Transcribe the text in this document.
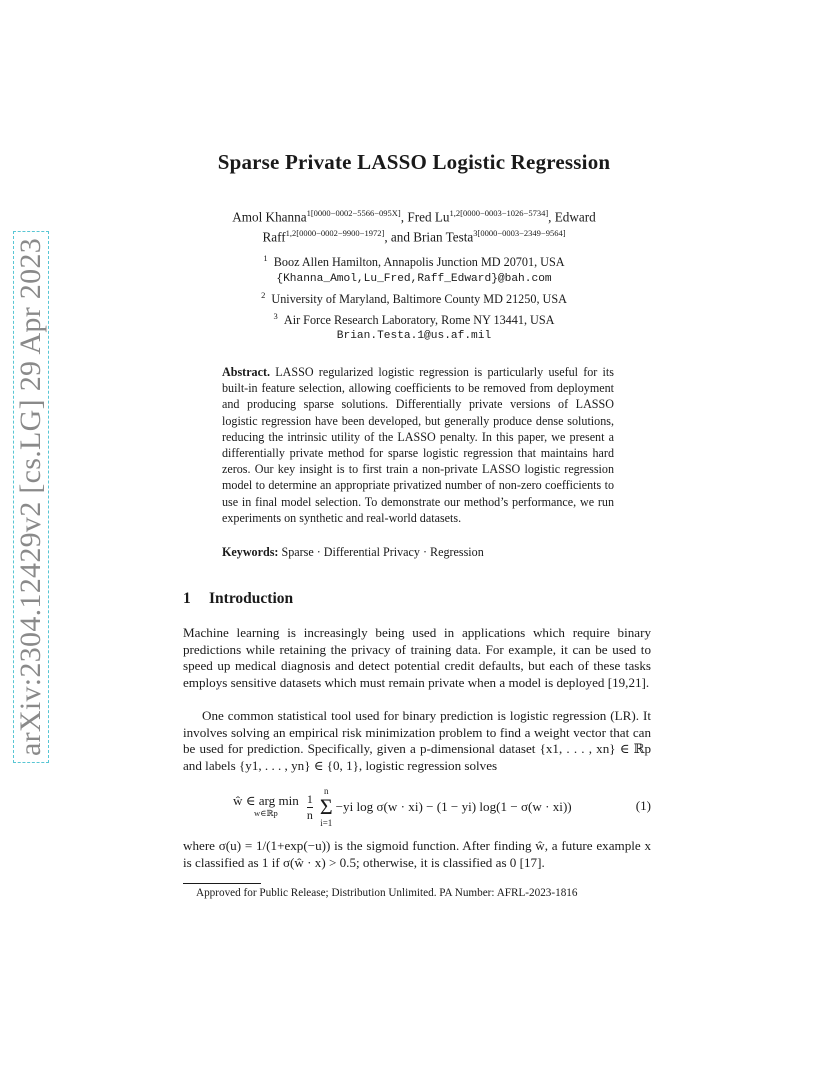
arXiv:2304.12429v2 [cs.LG] 29 Apr 2023
Sparse Private LASSO Logistic Regression
Amol Khanna$^{1[0000-0002-5566-095X]}$, Fred $Lu^{1,2[0000-0003-1026-5734]}$, Edward
Raff$^{1,2[0000-0002-9900-1972]}$, and Brian Testa$^{3[0000-0003-2349-9564]}$
$^1$ Booz Allen Hamilton, Annapolis Junction MD 20701, USA
{Khanna_Amol,Lu_Fred,Raff_Edward}@bah.com
$^2$ University of Maryland, Baltimore County MD 21250, USA
$^3$ Air Force Research Laboratory, Rome NY 13441, USA
Brian.Testa.1@us.af.mil
Abstract. LASSO regularized logistic regression is particularly useful for its built-in feature selection, allowing coefficients to be removed from deployment and producing sparse solutions. Differentially private versions of LASSO logistic regression have been developed, but generally produce dense solutions, reducing the intrinsic utility of the LASSO penalty. In this paper, we present a differentially private method for sparse logistic regression that maintains hard zeros. Our key insight is to first train a non-private LASSO logistic regression model to determine an appropriate privatized number of non-zero coefficients to use in final model selection. To demonstrate our method’s performance, we run experiments on synthetic and real-world datasets.
Keywords: Sparse · Differential Privacy · Regression
1 Introduction

Machine learning is increasingly being used in applications which require binary predictions while retaining the privacy of training data. For example, it can be used to speed up medical diagnosis and detect potential credit defaults, but each of these tasks employs sensitive datasets which must remain private when a model is deployed [19,21].

One common statistical tool used for binary prediction is logistic regression (LR). It involves solving an empirical risk minimization problem to find a weight vector that can be used for prediction. Specifically, given a p-dimensional dataset {x1, . . . , xn} ∈ ℝp and labels {y1, . . . , yn} ∈ {0, 1}, logistic regression solves

ŵ ∈ arg min
w∈ℝp $\frac{1}{n}$
n
Σ
i=1
−yi log σ(w · xi) − (1 − yi) log(1 − σ(w · xi))	(1)

where σ(u) = 1/(1+exp(−u)) is the sigmoid function. After finding ŵ, a future example x is classified as 1 if σ(ŵ · x) > 0.5; otherwise, it is classified as 0 [17].

Approved for Public Release; Distribution Unlimited. PA Number: AFRL-2023-1816
